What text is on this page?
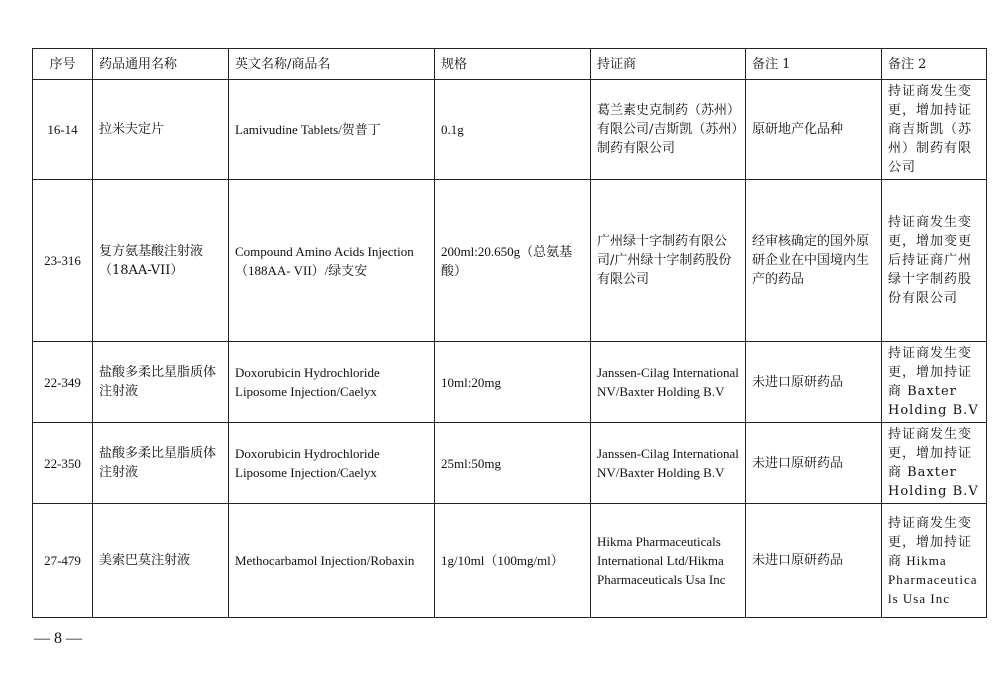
序号	药品通用名称	英文名称/商品名	规格	持证商	备注 1	备注 2
16-14	拉米夫定片	Lamivudine Tablets/贺普丁	0.1g	葛兰素史克制药（苏州）有限公司/吉斯凯（苏州）制药有限公司	原研地产化品种	持证商发生变更，增加持证商吉斯凯（苏州）制药有限公司
23-316	复方氨基酸注射液（18AA-VII）	Compound Amino Acids Injection（188AA- VII）/绿支安	200ml:20.650g（总氨基酸）	广州绿十字制药有限公司/广州绿十字制药股份有限公司	经审核确定的国外原研企业在中国境内生产的药品	持证商发生变更，增加变更后持证商广州绿十字制药股份有限公司
22-349	盐酸多柔比星脂质体注射液	Doxorubicin Hydrochloride Liposome Injection/Caelyx	10ml:20mg	Janssen-Cilag International NV/Baxter Holding B.V	未进口原研药品	持证商发生变更，增加持证商 Baxter Holding B.V
22-350	盐酸多柔比星脂质体注射液	Doxorubicin Hydrochloride Liposome Injection/Caelyx	25ml:50mg	Janssen-Cilag International NV/Baxter Holding B.V	未进口原研药品	持证商发生变更，增加持证商 Baxter Holding B.V
27-479	美索巴莫注射液	Methocarbamol Injection/Robaxin	1g/10ml（100mg/ml）	Hikma Pharmaceuticals International Ltd/Hikma Pharmaceuticals Usa Inc	未进口原研药品	持证商发生变更，增加持证商 Hikma Pharmaceuticals Usa Inc
— 8 —
